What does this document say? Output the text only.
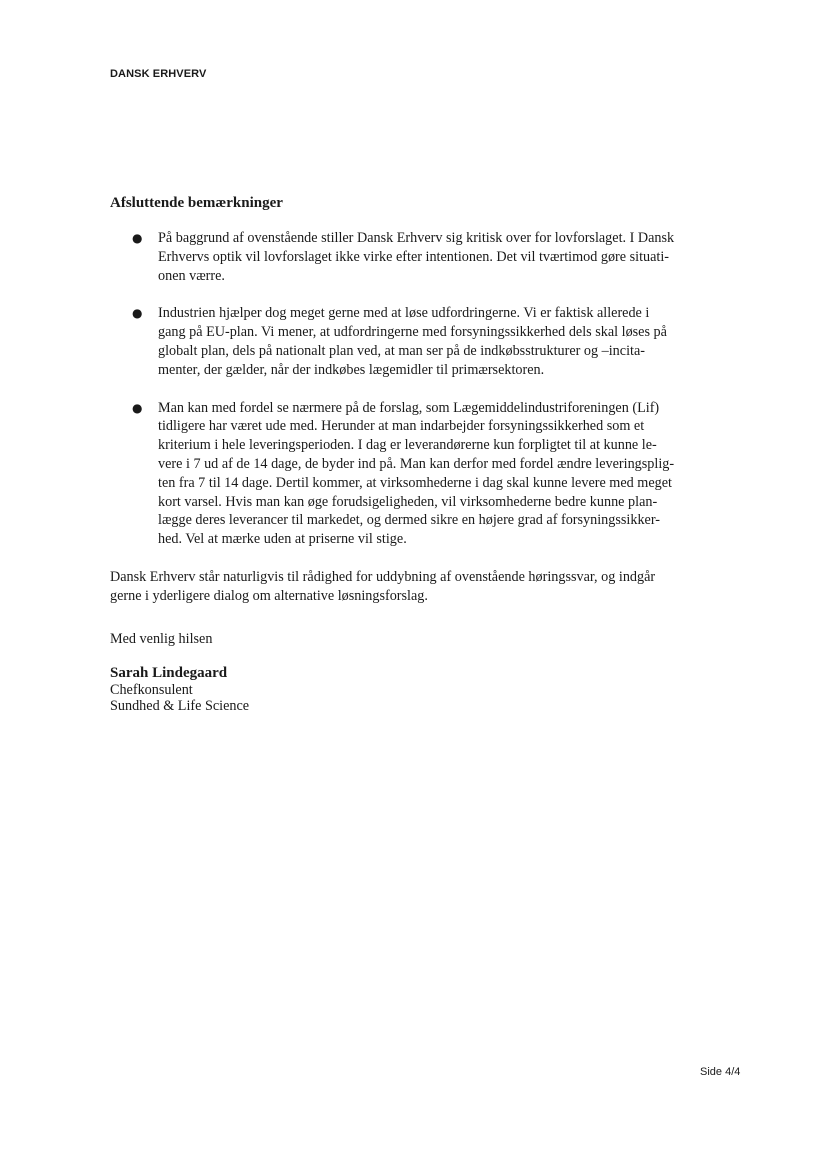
DANSK ERHVERV
Afsluttende bemærkninger
● På baggrund af ovenstående stiller Dansk Erhverv sig kritisk over for lovforslaget. I Dansk
Erhvervs optik vil lovforslaget ikke virke efter intentionen. Det vil tværtimod gøre situati-
onen værre.
● Industrien hjælper dog meget gerne med at løse udfordringerne. Vi er faktisk allerede i
gang på EU-plan. Vi mener, at udfordringerne med forsyningssikkerhed dels skal løses på
globalt plan, dels på nationalt plan ved, at man ser på de indkøbsstrukturer og –incita-
menter, der gælder, når der indkøbes lægemidler til primærsektoren.
● Man kan med fordel se nærmere på de forslag, som Lægemiddelindustriforeningen (Lif)
tidligere har været ude med. Herunder at man indarbejder forsyningssikkerhed som et
kriterium i hele leveringsperioden. I dag er leverandørerne kun forpligtet til at kunne le-
vere i 7 ud af de 14 dage, de byder ind på. Man kan derfor med fordel ændre leveringsplig-
ten fra 7 til 14 dage. Dertil kommer, at virksomhederne i dag skal kunne levere med meget
kort varsel. Hvis man kan øge forudsigeligheden, vil virksomhederne bedre kunne plan-
lægge deres leverancer til markedet, og dermed sikre en højere grad af forsyningssikker-
hed. Vel at mærke uden at priserne vil stige.

Dansk Erhverv står naturligvis til rådighed for uddybning af ovenstående høringssvar, og indgår
gerne i yderligere dialog om alternative løsningsforslag.

Med venlig hilsen
Sarah Lindegaard
Chefkonsulent
Sundhed & Life Science
Side 4/4
